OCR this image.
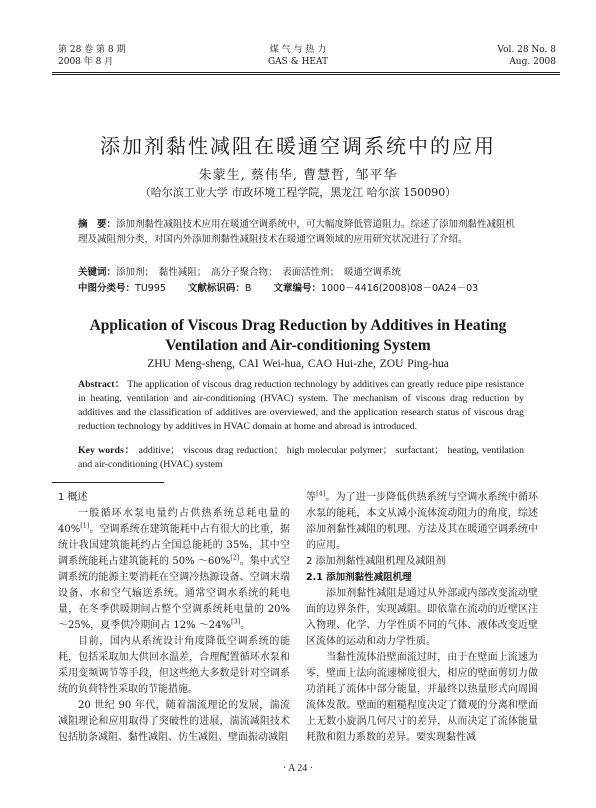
第 28 卷 第 8 期
2008 年 8 月
煤 气 与 热 力
GAS & HEAT
Vol. 28 No. 8
Aug. 2008
添加剂黏性减阻在暖通空调系统中的应用
朱蒙生, 蔡伟华, 曹慧哲, 邹平华
（哈尔滨工业大学 市政环境工程学院，黑龙江 哈尔滨 150090）
摘　要：添加剂黏性减阻技术应用在暖通空调系统中，可大幅度降低管道阻力。综述了添加剂黏性减阻机理及减阻剂分类，对国内外添加剂黏性减阻技术在暖通空调领域的应用研究状况进行了介绍。
关键词：添加剂；　黏性减阻；　高分子聚合物；　表面活性剂；　暖通空调系统
中图分类号：TU995 文献标识码：B 文章编号：1000－4416(2008)08－0A24－03
Application of Viscous Drag Reduction by Additives in Heating
Ventilation and Air-conditioning System
ZHU Meng-sheng, CAI Wei-hua, CAO Hui-zhe, ZOU Ping-hua
Abstract： The application of viscous drag reduction technology by additives can greatly reduce pipe resistance in heating, ventilation and air-conditioning (HVAC) system. The mechanism of viscous drag reduction by additives and the classification of additives are overviewed, and the application research status of viscous drag reduction technology by additives in HVAC domain at home and abroad is introduced.
Key words： additive； viscous drag reduction； high molecular polymer； surfactant； heating, ventilation and air-conditioning (HVAC) system
1 概述

一般循环水泵电量约占供热系统总耗电量的 40%[1]。空调系统在建筑能耗中占有很大的比重，据统计我国建筑能耗约占全国总能耗的 35%，其中空调系统能耗占建筑能耗的 50% ～60%[2]。集中式空调系统的能源主要消耗在空调冷热源设备、空调末端设备、水和空气输送系统。通常空调水系统的耗电量，在冬季供暖期间占整个空调系统耗电量的 20% ～25%，夏季供冷期间占 12% ～24%[3]。

目前，国内从系统设计角度降低空调系统的能耗，包括采取加大供回水温差，合理配置循环水泵和采用变频调节等手段，但这些绝大多数是针对空调系统的负荷特性采取的节能措施。

20 世纪 90 年代，随着湍流理论的发展，湍流减阻理论和应用取得了突破性的进展，湍流减阻技术包括肋条减阻、黏性减阻、仿生减阻、壁面振动减阻

等[4]。为了进一步降低供热系统与空调水系统中循环水泵的能耗，本文从减小流体流动阻力的角度，综述添加剂黏性减阻的机理、方法及其在暖通空调系统中的应用。

2 添加剂黏性减阻机理及减阻剂
2.1 添加剂黏性减阻机理

添加剂黏性减阻是通过从外部或内部改变流动壁面的边界条件，实现减阻。即依靠在流动的近壁区注入物理、化学、力学性质不同的气体、液体改变近壁区流体的运动和动力学性质。

当黏性流体沿壁面流过时，由于在壁面上流速为零，壁面上法向流速梯度很大，相应的壁面剪切力做功消耗了流体中部分能量，并最终以热量形式向周围流体发散。壁面的粗糙程度决定了微观的分离和壁面上无数小旋涡几何尺寸的差异，从而决定了流体能量耗散和阻力系数的差异。要实现黏性减

· A 24 ·
